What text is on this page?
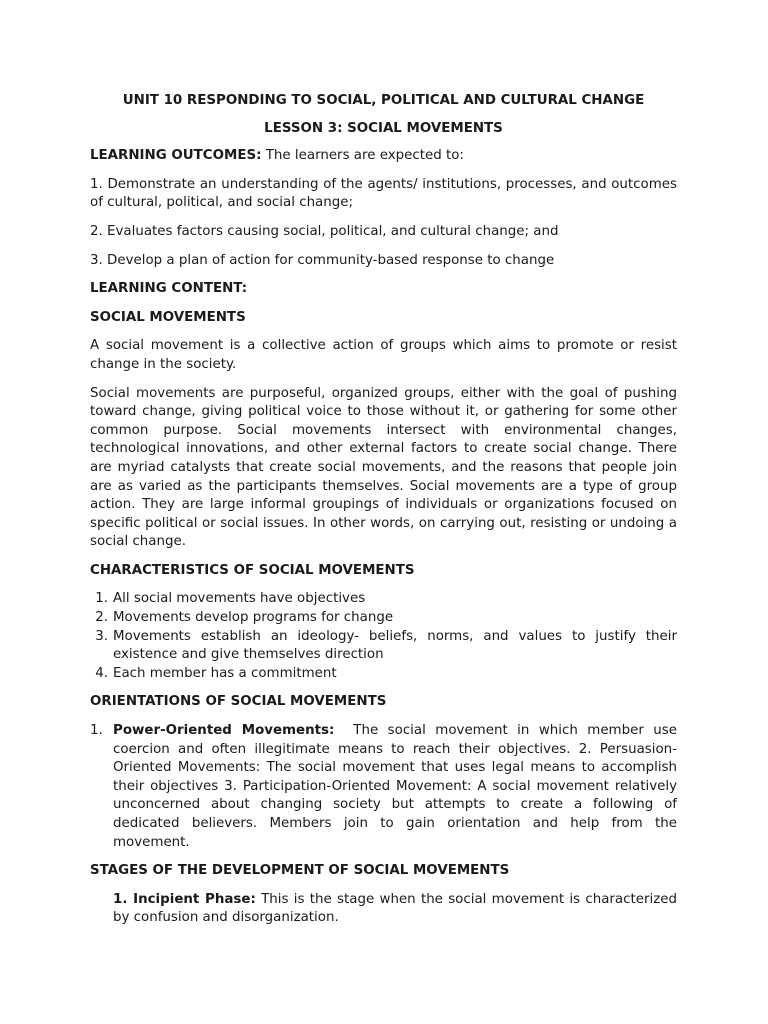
UNIT 10 RESPONDING TO SOCIAL, POLITICAL AND CULTURAL CHANGE
LESSON 3: SOCIAL MOVEMENTS

LEARNING OUTCOMES: The learners are expected to:

1. Demonstrate an understanding of the agents/ institutions, processes, and outcomes of cultural, political, and social change;

2. Evaluates factors causing social, political, and cultural change; and

3. Develop a plan of action for community-based response to change

LEARNING CONTENT:
SOCIAL MOVEMENTS

A social movement is a collective action of groups which aims to promote or resist change in the society.

Social movements are purposeful, organized groups, either with the goal of pushing toward change, giving political voice to those without it, or gathering for some other common purpose. Social movements intersect with environmental changes, technological innovations, and other external factors to create social change. There are myriad catalysts that create social movements, and the reasons that people join are as varied as the participants themselves. Social movements are a type of group action. They are large informal groupings of individuals or organizations focused on specific political or social issues. In other words, on carrying out, resisting or undoing a social change.

CHARACTERISTICS OF SOCIAL MOVEMENTS
1. All social movements have objectives
2. Movements develop programs for change
3. Movements establish an ideology- beliefs, norms, and values to justify their existence and give themselves direction
4. Each member has a commitment
ORIENTATIONS OF SOCIAL MOVEMENTS
1. Power-Oriented Movements:  The social movement in which member use coercion and often illegitimate means to reach their objectives. 2. Persuasion-Oriented Movements: The social movement that uses legal means to accomplish their objectives 3. Participation-Oriented Movement: A social movement relatively unconcerned about changing society but attempts to create a following of dedicated believers. Members join to gain orientation and help from the movement.
STAGES OF THE DEVELOPMENT OF SOCIAL MOVEMENTS

1. Incipient Phase: This is the stage when the social movement is characterized by confusion and disorganization.
